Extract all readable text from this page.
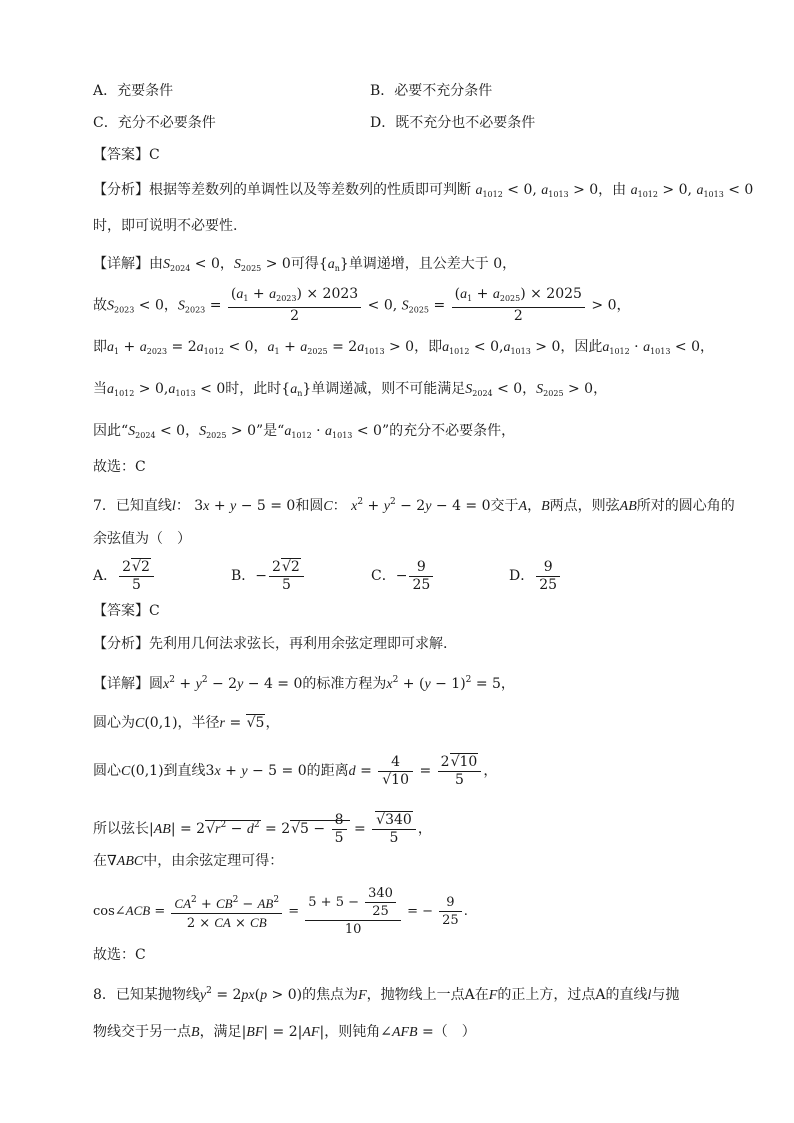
A．充要条件	B．必要不充分条件
C．充分不必要条件	D．既不充分也不必要条件
【答案】C
【分析】根据等差数列的单调性以及等差数列的性质即可判断 $a_{1012} < 0$, $a_{1013} > 0$，由 $a_{1012} > 0$, $a_{1013} < 0$
时，即可说明不必要性.
【详解】由$S_{2024} < 0$，$S_{2025} > 0$可得$\{a_n\}$单调递增，且公差大于 0，
故$S_{2023} < 0$，$S_{2023} = \frac{(a_1 + a_{2023}) \times 2023}{2} < 0$, $S_{2025} = \frac{(a_1 + a_{2025}) \times 2025}{2} > 0$，
即$a_1 + a_{2023} = 2a_{1012} < 0$，$a_1 + a_{2025} = 2a_{1013} > 0$，即$a_{1012} < 0,a_{1013} > 0$，因此$a_{1012} \cdot a_{1013} < 0$，
当$a_{1012} > 0,a_{1013} < 0$时，此时$\{a_n\}$单调递减，则不可能满足$S_{2024} < 0$，$S_{2025} > 0$，
因此“$S_{2024} < 0$，$S_{2025} > 0$”是“$a_{1012} \cdot a_{1013} < 0$”的充分不必要条件，
故选：C
7．已知直线l： 3x + y − 5 = 0和圆C： $x^2 + y^2 - 2y - 4 = 0$交于A，B两点，则弦AB所对的圆心角的
余弦值为（　）
A． $\frac{2√2}{5}$	B．− $\frac{2√2}{5}$	C．− $\frac{9}{25}$	D． $\frac{9}{25}$
【答案】C
【分析】先利用几何法求弦长，再利用余弦定理即可求解.
【详解】圆$x^2 + y^2 - 2y - 4 = 0$的标准方程为$x^2 + (y - 1)^2 = 5$，
圆心为C(0,1)，半径r = √5，
圆心C(0,1)到直线3x + y − 5 = 0的距离$d = \frac{4}{√10} = \frac{2√10}{5}$ ，
所以弦长$|AB| = 2√r^2 - d^2 = 2√5 - \frac{8}{5} = \frac{√340}{5}$ ，
在∇ABC中，由余弦定理可得：
cos∠ACB = $\frac{CA^2 + CB^2 - AB^2}{2 \times CA \times CB} = \frac{5 + 5 - \frac{340}{25}}{10}$ = − $\frac{9}{25}$ .
故选：C
8．已知某抛物线$y^2 = 2px(p > 0)$的焦点为F，抛物线上一点A在F的正上方，过点A的直线l与抛
物线交于另一点B，满足|BF| = 2|AF|，则钝角∠AFB =（　）
